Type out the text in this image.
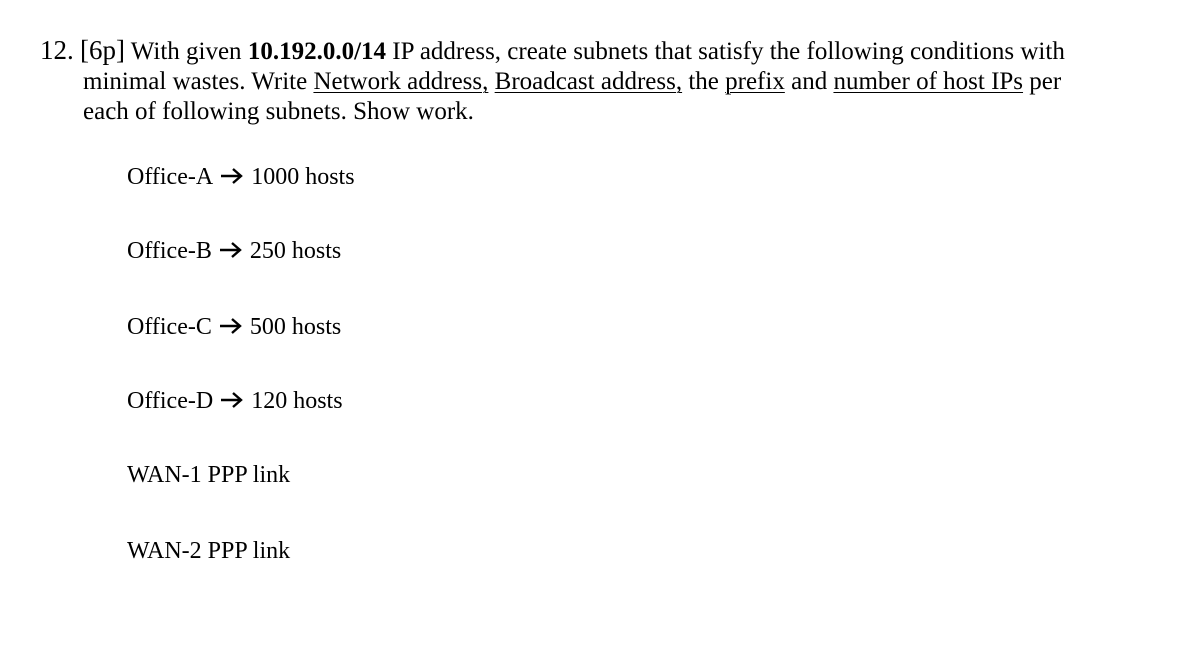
12. [6p] With given 10.192.0.0/14 IP address, create subnets that satisfy the following conditions with
minimal wastes. Write Network address, Broadcast address, the prefix and number of host IPs per
each of following subnets. Show work.
Office-A 1000 hosts
Office-B 250 hosts
Office-C 500 hosts
Office-D 120 hosts
WAN-1 PPP link
WAN-2 PPP link
